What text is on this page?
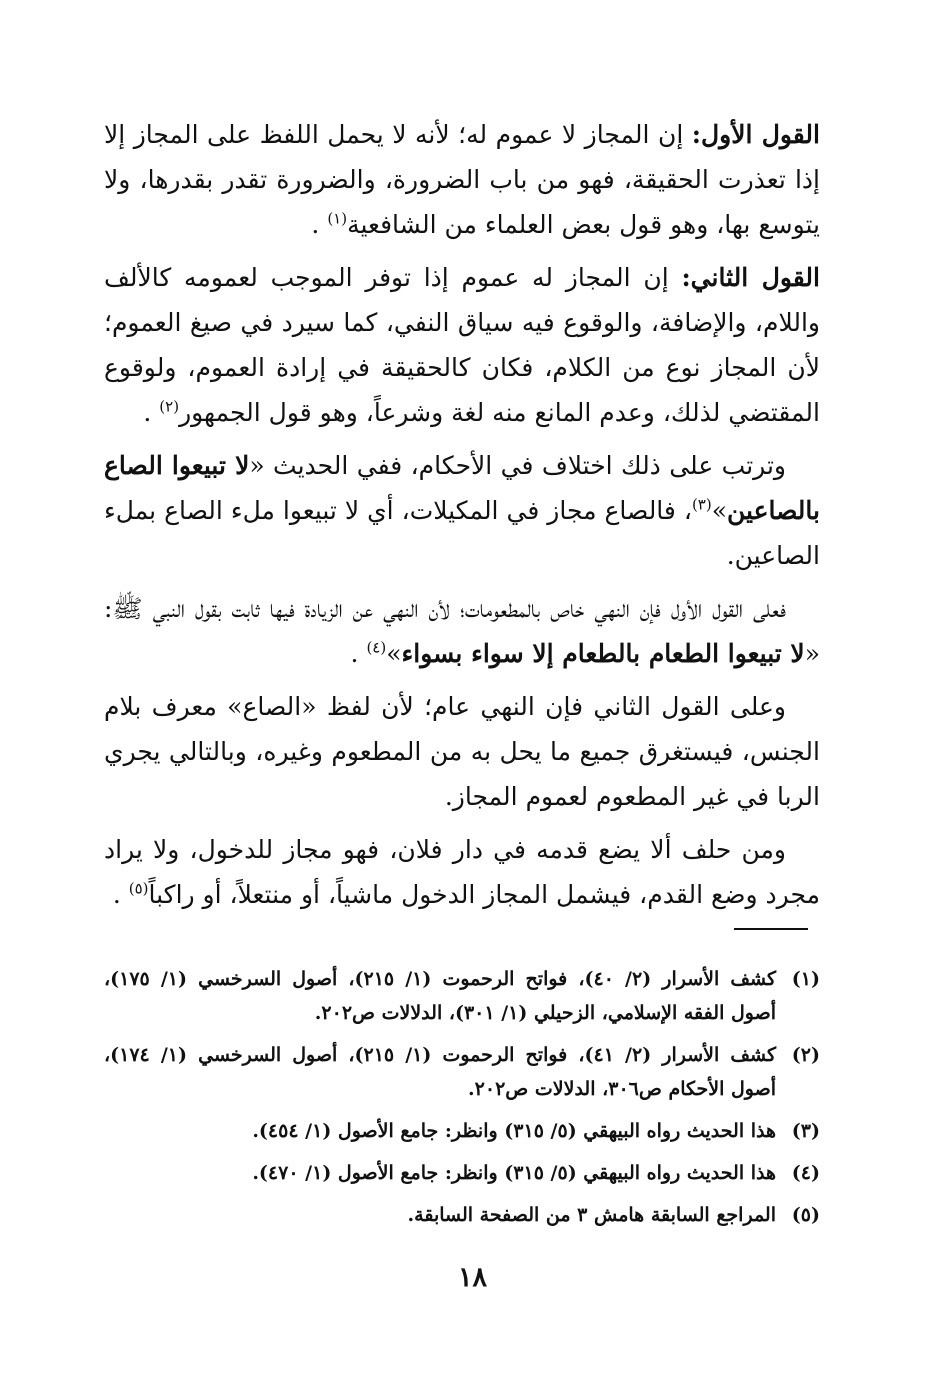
القول الأول: إن المجاز لا عموم له؛ لأنه لا يحمل اللفظ على المجاز إلا إذا تعذرت الحقيقة، فهو من باب الضرورة، والضرورة تقدر بقدرها، ولا يتوسع بها، وهو قول بعض العلماء من الشافعية$^{(١)}$ .

القول الثاني: إن المجاز له عموم إذا توفر الموجب لعمومه كالألف واللام، والإضافة، والوقوع فيه سياق النفي، كما سيرد في صيغ العموم؛ لأن المجاز نوع من الكلام، فكان كالحقيقة في إرادة العموم، ولوقوع المقتضي لذلك، وعدم المانع منه لغة وشرعاً، وهو قول الجمهور$^{(٢)}$ .

وترتب على ذلك اختلاف في الأحكام، ففي الحديث «لا تبيعوا الصاع بالصاعين»$^{(٣)}$، فالصاع مجاز في المكيلات، أي لا تبيعوا ملء الصاع بملء الصاعين.

فعلى القول الأول فإن النهي خاص بالمطعومات؛ لأن النهي عن الزيادة فيها ثابت بقول النبي ﷺ: «لا تبيعوا الطعام بالطعام إلا سواء بسواء»$^{(٤)}$ .

وعلى القول الثاني فإن النهي عام؛ لأن لفظ «الصاع» معرف بلام الجنس، فيستغرق جميع ما يحل به من المطعوم وغيره، وبالتالي يجري الربا في غير المطعوم لعموم المجاز.

ومن حلف ألا يضع قدمه في دار فلان، فهو مجاز للدخول، ولا يراد مجرد وضع القدم، فيشمل المجاز الدخول ماشياً، أو منتعلاً، أو راكباً$^{(٥)}$ .

(١)
كشف الأسرار (٢/ ٤٠)، فواتح الرحموت (١/ ٢١٥)، أصول السرخسي (١/ ١٧٥)، أصول الفقه الإسلامي، الزحيلي (١/ ٣٠١)، الدلالات ص٢٠٢.
(٢)
كشف الأسرار (٢/ ٤١)، فواتح الرحموت (١/ ٢١٥)، أصول السرخسي (١/ ١٧٤)، أصول الأحكام ص٣٠٦، الدلالات ص٢٠٢.
(٣)
هذا الحديث رواه البيهقي (٥/ ٣١٥) وانظر: جامع الأصول (١/ ٤٥٤).
(٤)
هذا الحديث رواه البيهقي (٥/ ٣١٥) وانظر: جامع الأصول (١/ ٤٧٠).
(٥)
المراجع السابقة هامش ٣ من الصفحة السابقة.
١٨
